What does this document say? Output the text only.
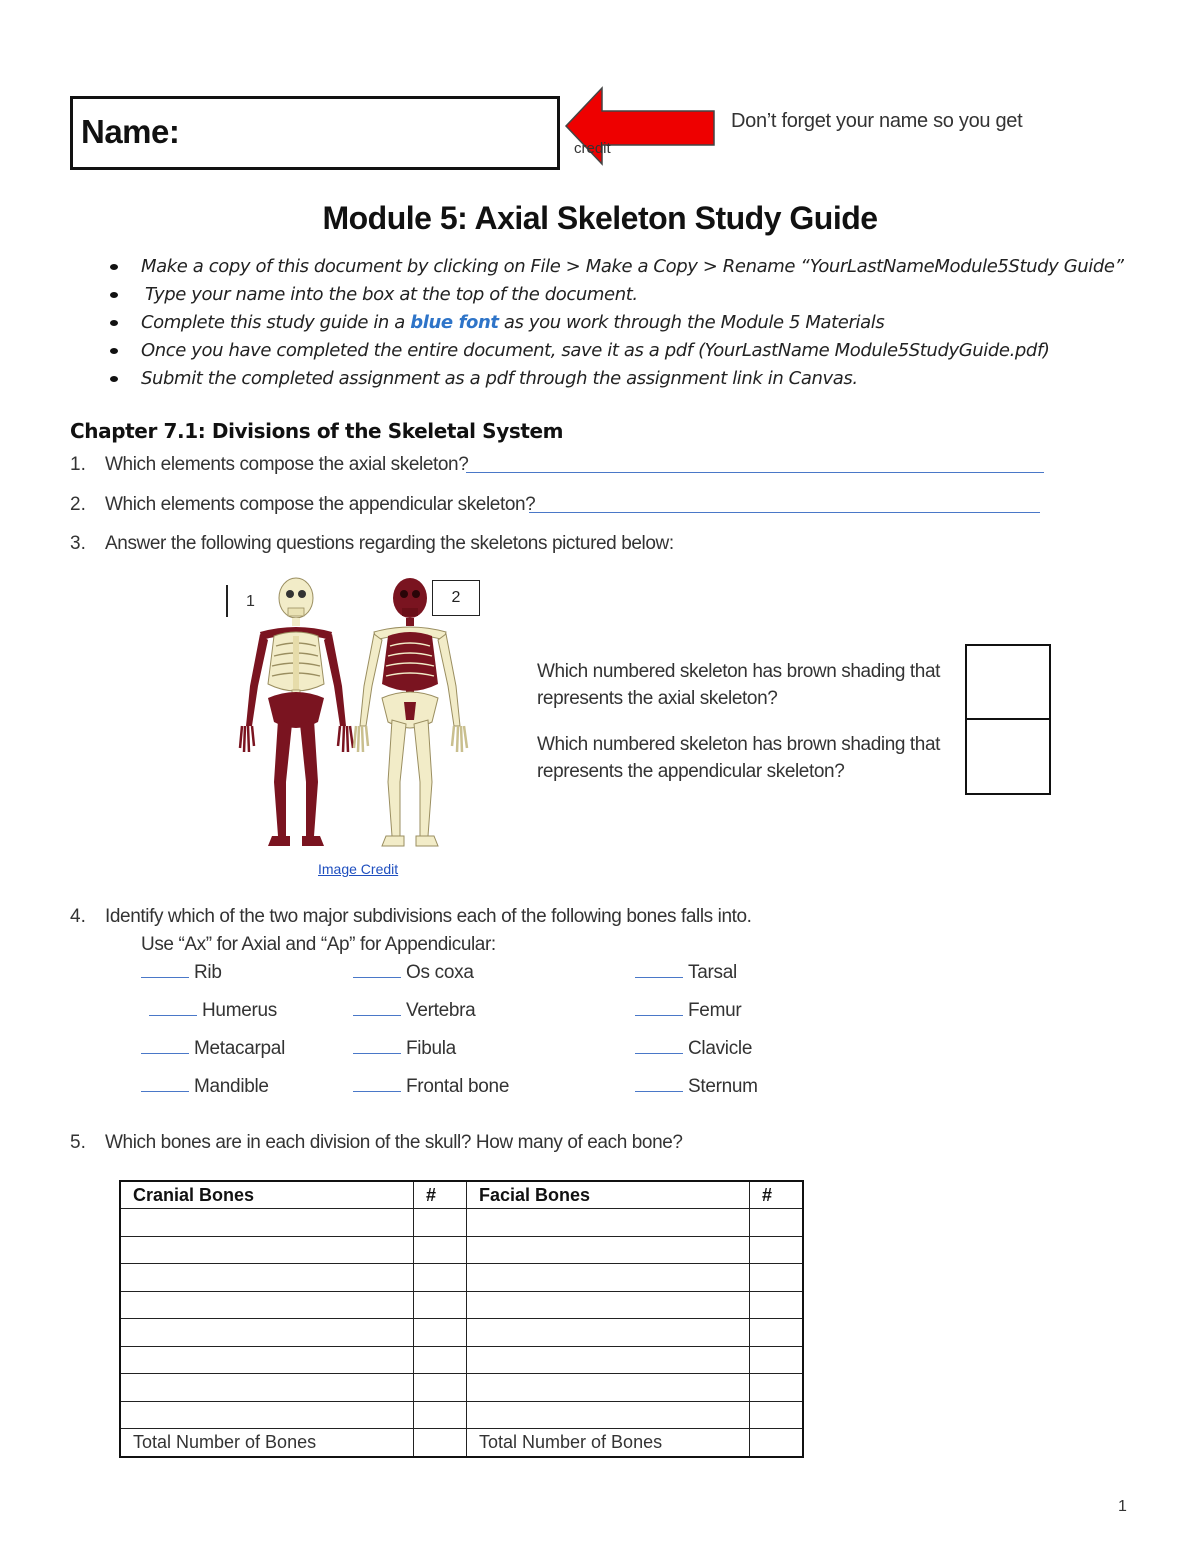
Name:	Don’t forget your name so you get
credit
Module 5: Axial Skeleton Study Guide
Make a copy of this document by clicking on File > Make a Copy > Rename “YourLastNameModule5Study Guide”
Type your name into the box at the top of the document.
Complete this study guide in a blue font as you work through the Module 5 Materials
Once you have completed the entire document, save it as a pdf (YourLastName Module5StudyGuide.pdf)
Submit the completed assignment as a pdf through the assignment link in Canvas.
Chapter 7.1: Divisions of the Skeletal System
1. Which elements compose the axial skeleton?
2. Which elements compose the appendicular skeleton?
3. Answer the following questions regarding the skeletons pictured below:
1	2
Image Credit
Which numbered skeleton has brown shading that
represents the axial skeleton?
Which numbered skeleton has brown shading that
represents the appendicular skeleton?
4. Identify which of the two major subdivisions each of the following bones falls into.
Use “Ax” for Axial and “Ap” for Appendicular:
Rib
Humerus
Metacarpal
Mandible
Os coxa
Vertebra
Fibula
Frontal bone
Tarsal
Femur
Clavicle
Sternum
5. Which bones are in each division of the skull? How many of each bone?
Cranial Bones	#	Facial Bones	#

Total Number of Bones		Total Number of Bones	
1
